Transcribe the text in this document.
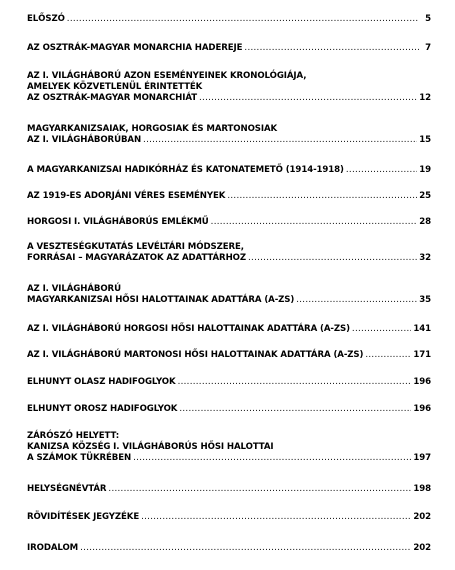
ELŐSZÓ .....	5
AZ OSZTRÁK-MAGYAR MONARCHIA HADEREJE .....	7
AZ I. VILÁGHÁBORÚ AZON ESEMÉNYEINEK KRONOLÓGIÁJA,
AMELYEK KÖZVETLENÜL ÉRINTETTÉK
AZ OSZTRÁK-MAGYAR MONARCHIÁT .....	12
MAGYARKANIZSAIAK, HORGOSIAK ÉS MARTONOSIAK
AZ I. VILÁGHÁBORÚBAN .....	15
A MAGYARKANIZSAI HADIKÓRHÁZ ÉS KATONATEMETŐ (1914-1918) .....	19
AZ 1919-ES ADORJÁNI VÉRES ESEMÉNYEK .....	25
HORGOSI I. VILÁGHÁBORÚS EMLÉKMŰ .....	28
A VESZTESÉGKUTATÁS LEVÉLTÁRI MÓDSZERE,
FORRÁSAI – MAGYARÁZATOK AZ ADATTÁRHOZ .....	32
AZ I. VILÁGHÁBORÚ
MAGYARKANIZSAI HŐSI HALOTTAINAK ADATTÁRA (A-ZS) .....	35
AZ I. VILÁGHÁBORÚ HORGOSI HŐSI HALOTTAINAK ADATTÁRA (A-ZS) .....	141
AZ I. VILÁGHÁBORÚ MARTONOSI HŐSI HALOTTAINAK ADATTÁRA (A-ZS) .....	171
ELHUNYT OLASZ HADIFOGLYOK .....	196
ELHUNYT OROSZ HADIFOGLYOK .....	196
ZÁRÓSZÓ HELYETT:
KANIZSA KÖZSÉG I. VILÁGHÁBORÚS HŐSI HALOTTAI
A SZÁMOK TÜKRÉBEN .....	197
HELYSÉGNÉVTÁR .....	198
RÖVIDÍTÉSEK JEGYZÉKE .....	202
IRODALOM .....	202
